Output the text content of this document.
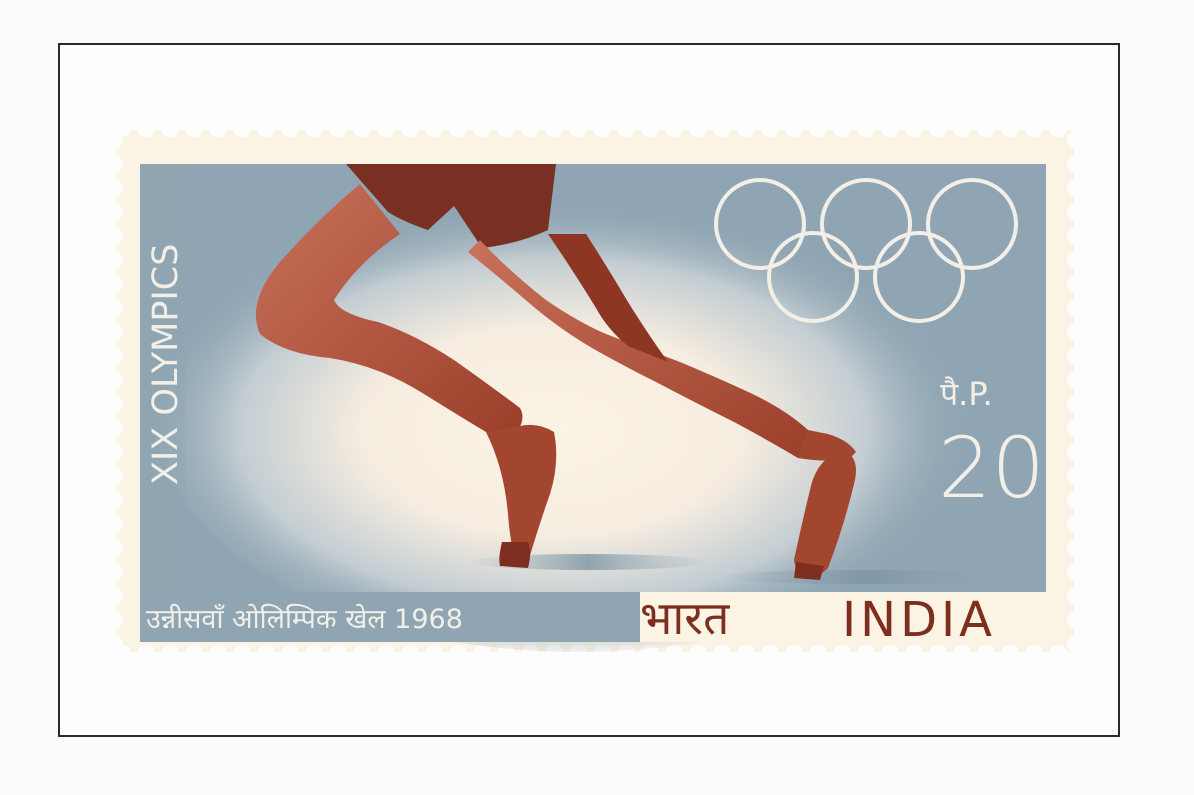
XIX OLYMPICS	पै.P.
20
उन्नीसवाँ ओलिम्पिक खेल 1968	भारत INDIA
